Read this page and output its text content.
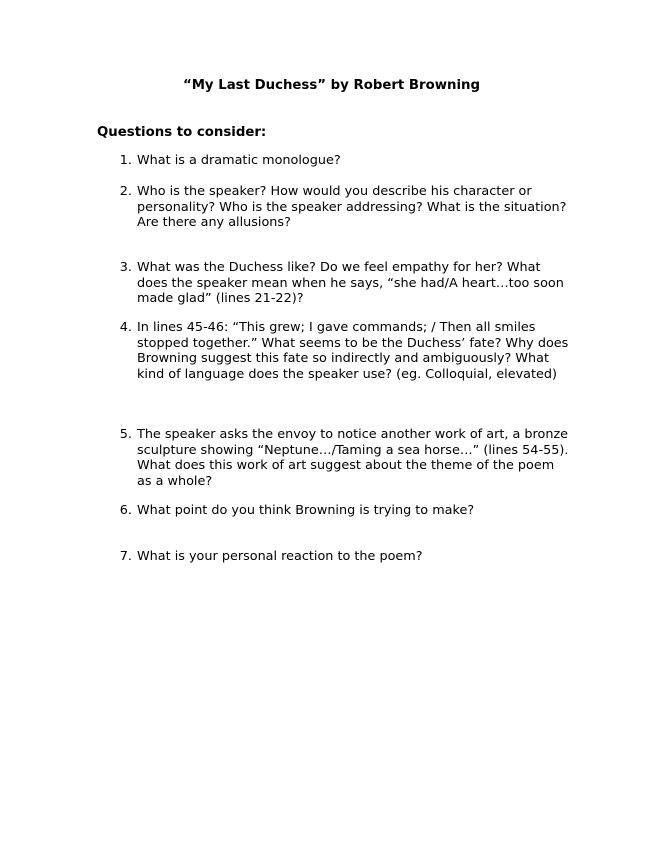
“My Last Duchess” by Robert Browning
Questions to consider:
1. What is a dramatic monologue?
2. Who is the speaker? How would you describe his character or personality? Who is the speaker addressing? What is the situation? Are there any allusions?
3. What was the Duchess like? Do we feel empathy for her? What does the speaker mean when he says, “she had/A heart…too soon made glad” (lines 21-22)?
4. In lines 45-46: “This grew; I gave commands; / Then all smiles stopped together.” What seems to be the Duchess’ fate? Why does Browning suggest this fate so indirectly and ambiguously? What kind of language does the speaker use? (eg. Colloquial, elevated)
5. The speaker asks the envoy to notice another work of art, a bronze sculpture showing “Neptune…/Taming a sea horse…” (lines 54-55). What does this work of art suggest about the theme of the poem as a whole?
6. What point do you think Browning is trying to make?
7. What is your personal reaction to the poem?
